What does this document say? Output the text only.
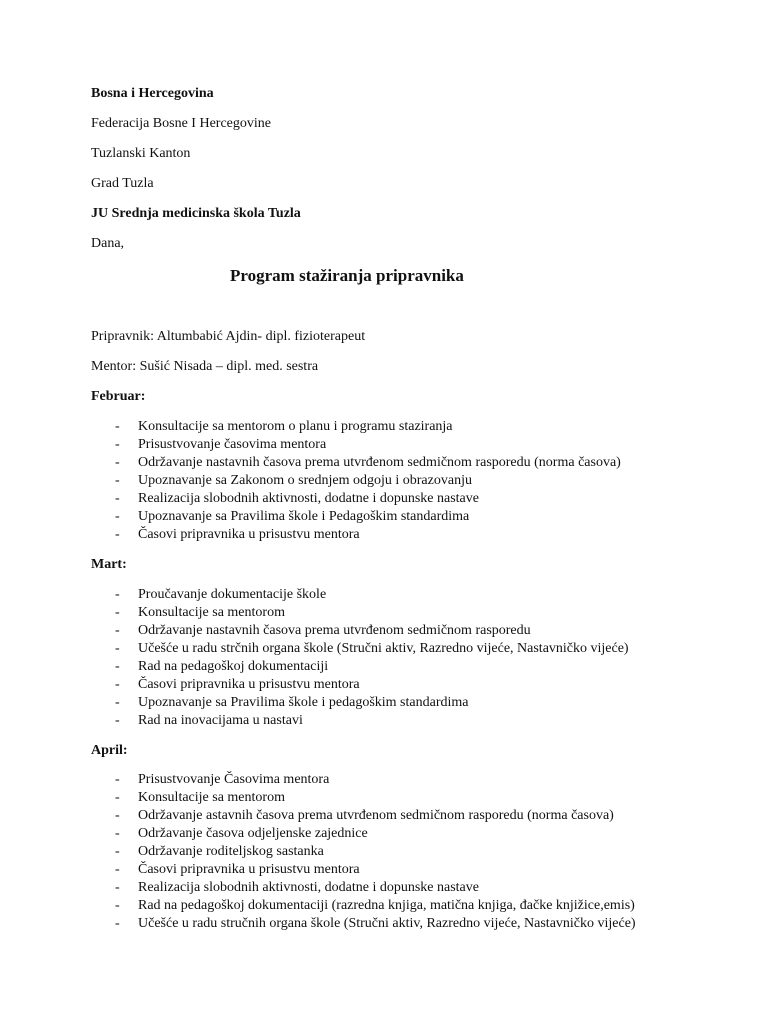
Bosna i Hercegovina
Federacija Bosne I Hercegovine
Tuzlanski Kanton
Grad Tuzla
JU Srednja medicinska škola Tuzla
Dana,
Program stažiranja pripravnika
Pripravnik: Altumbabić Ajdin- dipl. fizioterapeut
Mentor: Sušić Nisada – dipl. med. sestra
Februar:
- Konsultacije sa mentorom o planu i programu staziranja
- Prisustvovanje časovima mentora
- Održavanje nastavnih časova prema utvrđenom sedmičnom rasporedu (norma časova)
- Upoznavanje sa Zakonom o srednjem odgoju i obrazovanju
- Realizacija slobodnih aktivnosti, dodatne i dopunske nastave
- Upoznavanje sa Pravilima škole i Pedagoškim standardima
- Časovi pripravnika u prisustvu mentora
Mart:
- Proučavanje dokumentacije škole
- Konsultacije sa mentorom
- Održavanje nastavnih časova prema utvrđenom sedmičnom rasporedu
- Učešće u radu strčnih organa škole (Stručni aktiv, Razredno vijeće, Nastavničko vijeće)
- Rad na pedagoškoj dokumentaciji
- Časovi pripravnika u prisustvu mentora
- Upoznavanje sa Pravilima škole i pedagoškim standardima
- Rad na inovacijama u nastavi
April:
- Prisustvovanje Časovima mentora
- Konsultacije sa mentorom
- Održavanje astavnih časova prema utvrđenom sedmičnom rasporedu (norma časova)
- Održavanje časova odjeljenske zajednice
- Održavanje roditeljskog sastanka
- Časovi pripravnika u prisustvu mentora
- Realizacija slobodnih aktivnosti, dodatne i dopunske nastave
- Rad na pedagoškoj dokumentaciji (razredna knjiga, matična knjiga, đačke knjižice,emis)
- Učešće u radu stručnih organa škole (Stručni aktiv, Razredno vijeće, Nastavničko vijeće)
